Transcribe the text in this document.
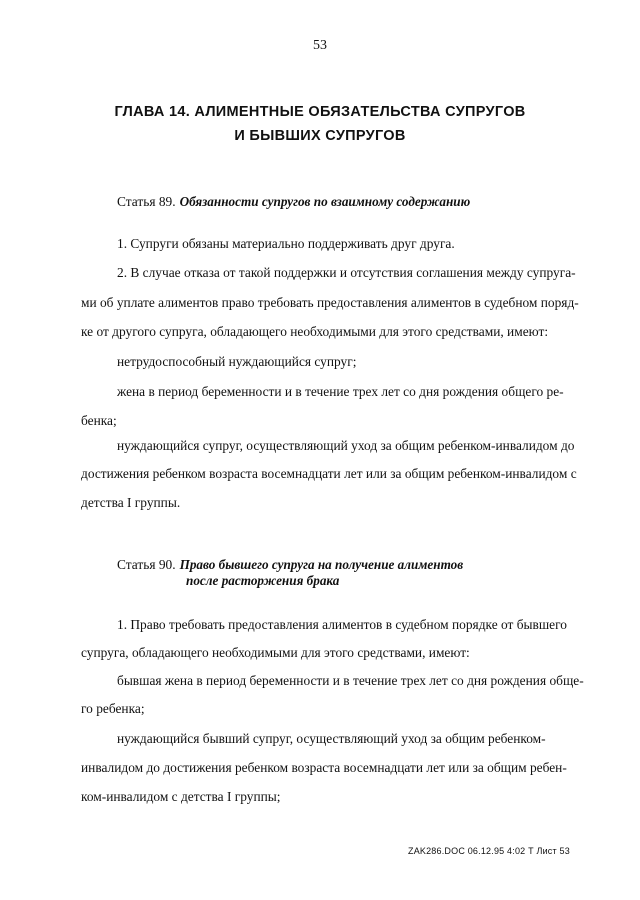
53
ГЛАВА 14. АЛИМЕНТНЫЕ ОБЯЗАТЕЛЬСТВА СУПРУГОВ
И БЫВШИХ СУПРУГОВ
Статья 89. Обязанности супругов по взаимному содержанию
1. Супруги обязаны материально поддерживать друг друга.
2. В случае отказа от такой поддержки и отсутствия соглашения между супруга-
ми об уплате алиментов право требовать предоставления алиментов в судебном поряд-
ке от другого супруга, обладающего необходимыми для этого средствами, имеют:
нетрудоспособный нуждающийся супруг;
жена в период беременности и в течение трех лет со дня рождения общего ре-
бенка;
нуждающийся супруг, осуществляющий уход за общим ребенком-инвалидом до
достижения ребенком возраста восемнадцати лет или за общим ребенком-инвалидом с
детства I группы.
Статья 90. Право бывшего супруга на получение алиментов
после расторжения брака
1. Право требовать предоставления алиментов в судебном порядке от бывшего
супруга, обладающего необходимыми для этого средствами, имеют:
бывшая жена в период беременности и в течение трех лет со дня рождения обще-
го ребенка;
нуждающийся бывший супруг, осуществляющий уход за общим ребенком-
инвалидом до достижения ребенком возраста восемнадцати лет или за общим ребен-
ком-инвалидом с детства I группы;
ZAK286.DOC 06.12.95 4:02 Т Лист 53
